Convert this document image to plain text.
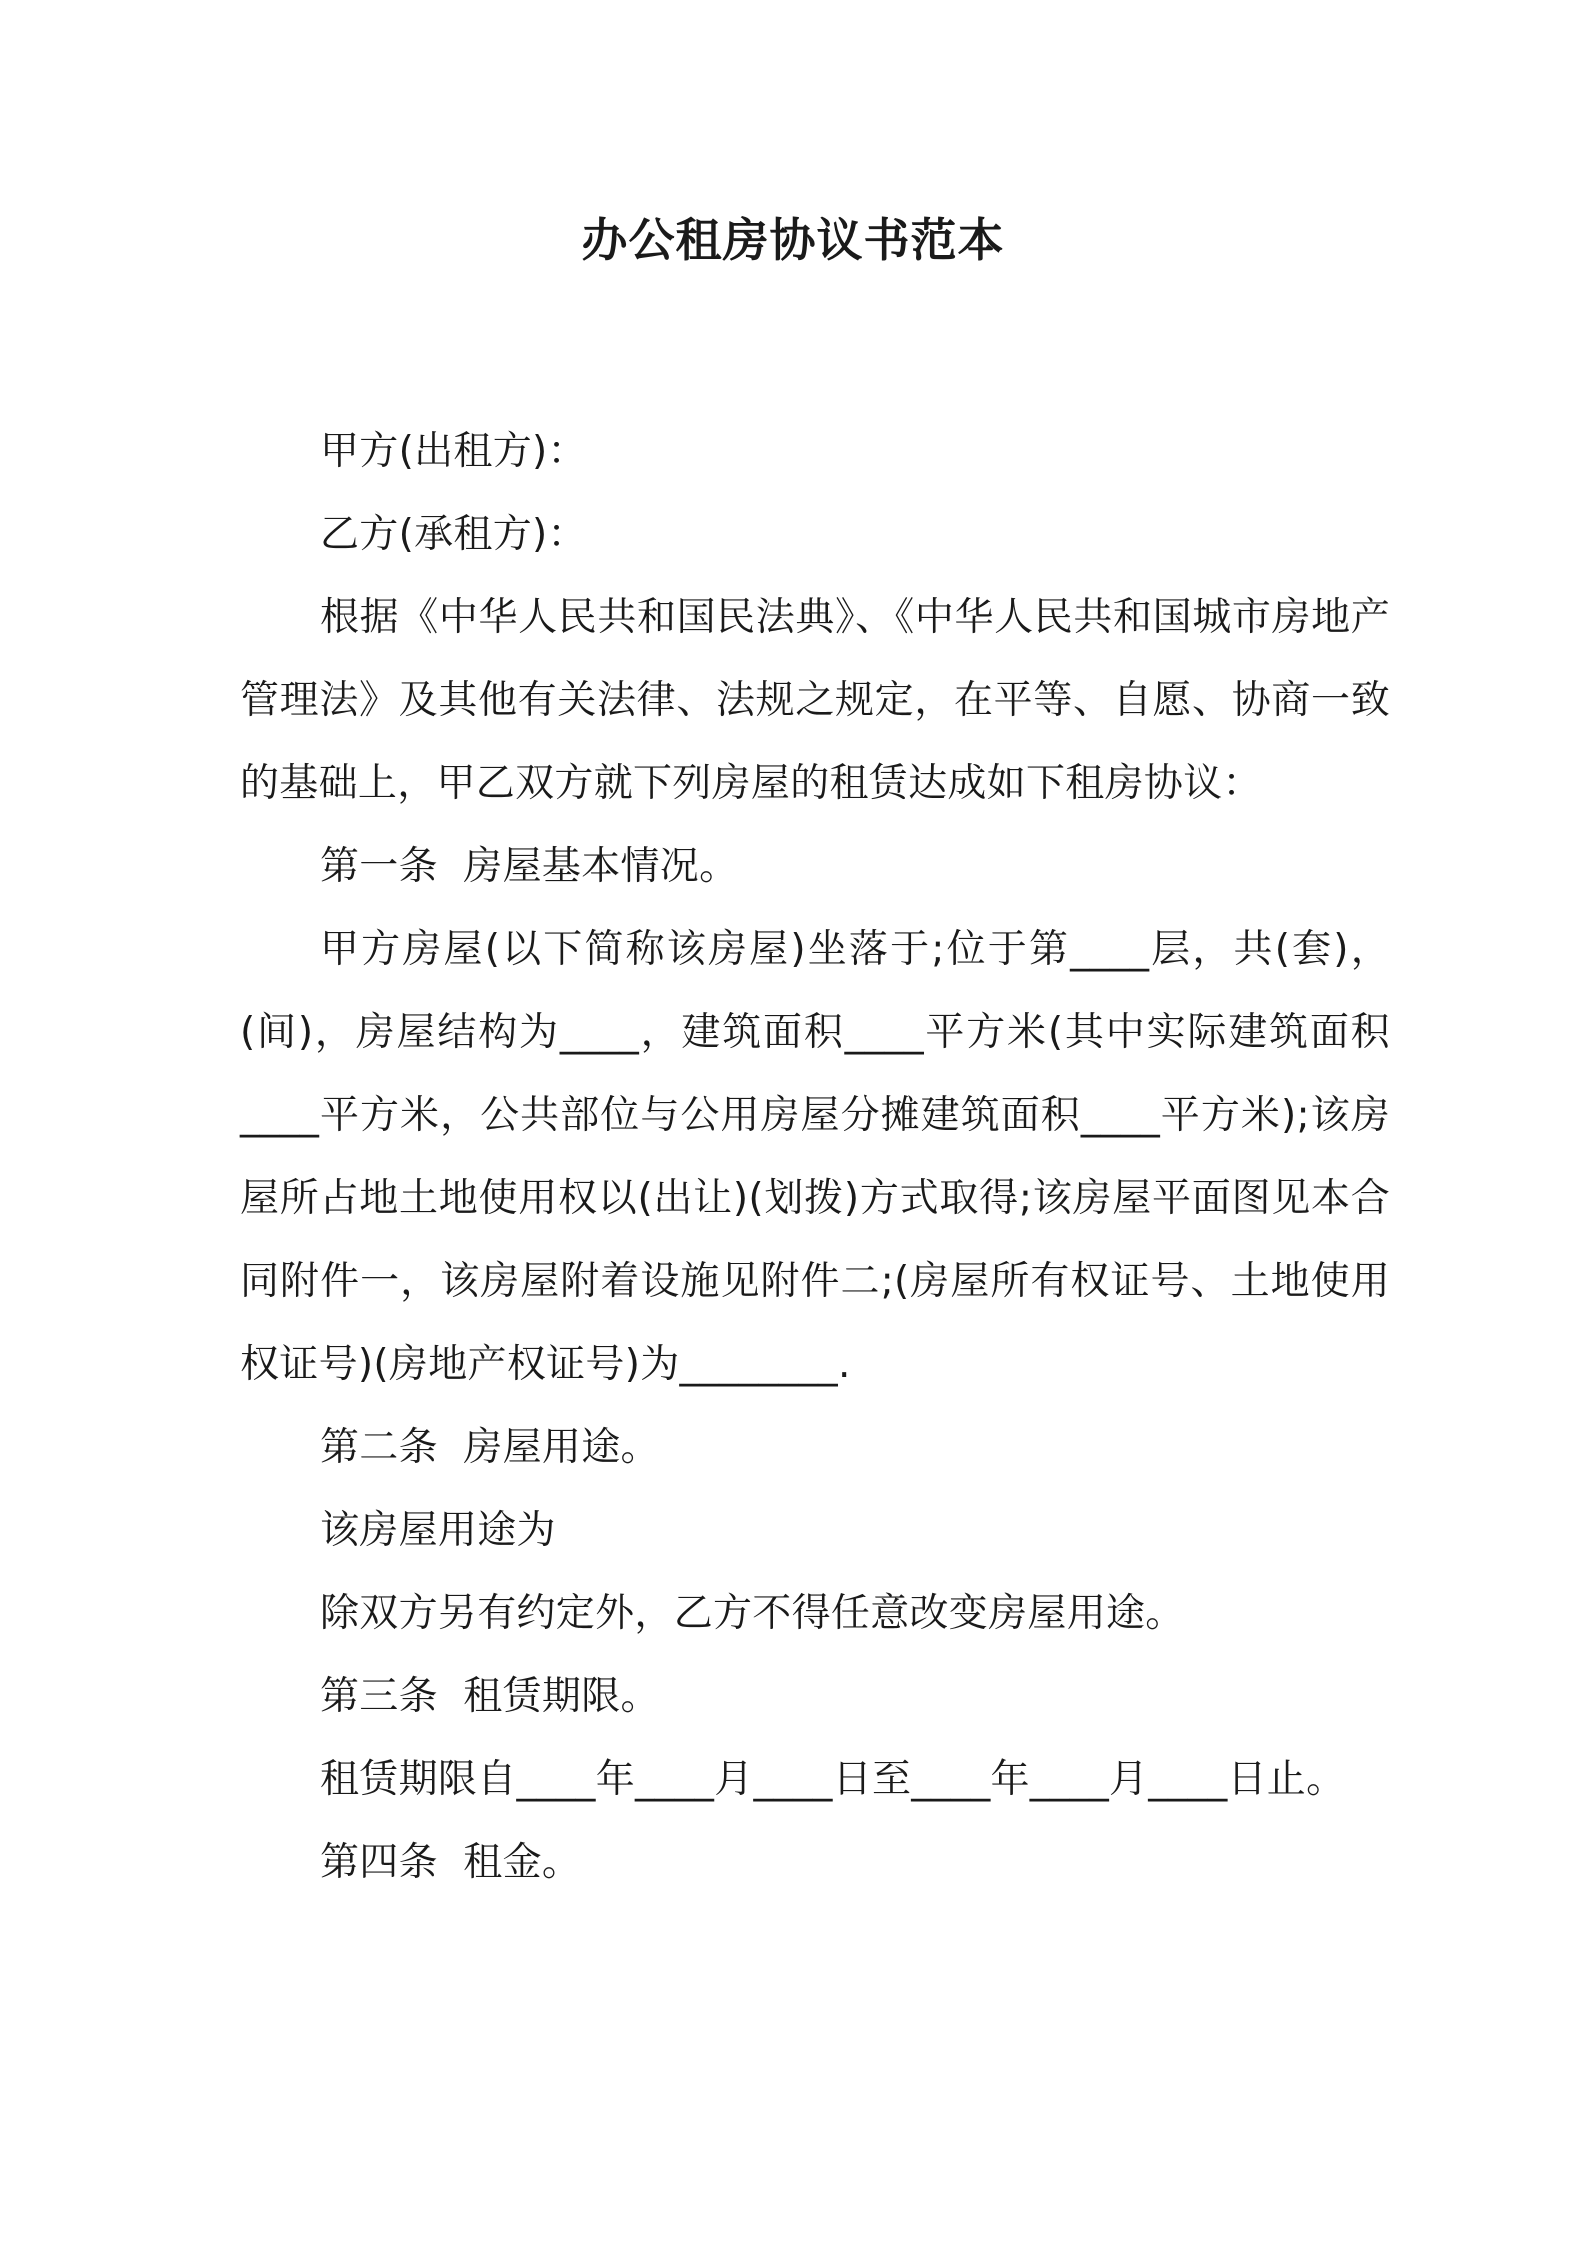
办公租房协议书范本

甲方(出租方)：

乙方(承租方)：

根据《中华人民共和国民法典》、《中华人民共和国城市房地产管理法》及其他有关法律、法规之规定，在平等、自愿、协商一致的基础上，甲乙双方就下列房屋的租赁达成如下租房协议：

第一条  房屋基本情况。

甲方房屋(以下简称该房屋)坐落于;位于第____层，共(套)，(间)，房屋结构为____，建筑面积____平方米(其中实际建筑面积____平方米，公共部位与公用房屋分摊建筑面积____平方米);该房屋所占地土地使用权以(出让)(划拨)方式取得;该房屋平面图见本合同附件一，该房屋附着设施见附件二;(房屋所有权证号、土地使用权证号)(房地产权证号)为________.

第二条  房屋用途。

该房屋用途为

除双方另有约定外，乙方不得任意改变房屋用途。

第三条  租赁期限。

租赁期限自____年____月____日至____年____月____日止。

第四条  租金。
